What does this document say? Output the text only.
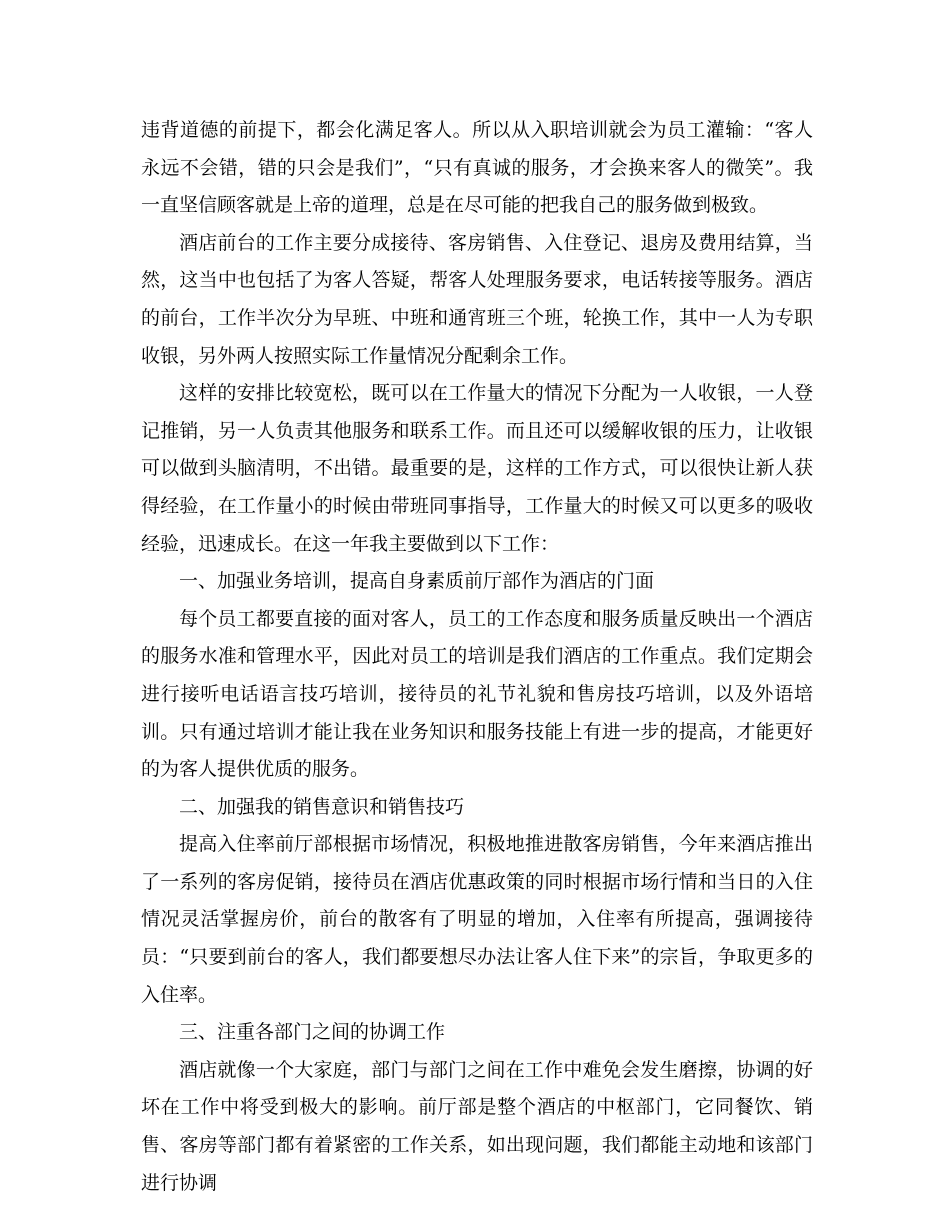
违背道德的前提下，都会化满足客人。所以从入职培训就会为员工灌输：“客人永远不会错，错的只会是我们”，“只有真诚的服务，才会换来客人的微笑”。我一直坚信顾客就是上帝的道理，总是在尽可能的把我自己的服务做到极致。

酒店前台的工作主要分成接待、客房销售、入住登记、退房及费用结算，当然，这当中也包括了为客人答疑，帮客人处理服务要求，电话转接等服务。酒店的前台，工作半次分为早班、中班和通宵班三个班，轮换工作，其中一人为专职收银，另外两人按照实际工作量情况分配剩余工作。

这样的安排比较宽松，既可以在工作量大的情况下分配为一人收银，一人登记推销，另一人负责其他服务和联系工作。而且还可以缓解收银的压力，让收银可以做到头脑清明，不出错。最重要的是，这样的工作方式，可以很快让新人获得经验，在工作量小的时候由带班同事指导，工作量大的时候又可以更多的吸收经验，迅速成长。在这一年我主要做到以下工作：

一、加强业务培训，提高自身素质前厅部作为酒店的门面

每个员工都要直接的面对客人，员工的工作态度和服务质量反映出一个酒店的服务水准和管理水平，因此对员工的培训是我们酒店的工作重点。我们定期会进行接听电话语言技巧培训，接待员的礼节礼貌和售房技巧培训，以及外语培训。只有通过培训才能让我在业务知识和服务技能上有进一步的提高，才能更好的为客人提供优质的服务。

二、加强我的销售意识和销售技巧

提高入住率前厅部根据市场情况，积极地推进散客房销售，今年来酒店推出了一系列的客房促销，接待员在酒店优惠政策的同时根据市场行情和当日的入住情况灵活掌握房价，前台的散客有了明显的增加，入住率有所提高，强调接待员：“只要到前台的客人，我们都要想尽办法让客人住下来”的宗旨，争取更多的入住率。

三、注重各部门之间的协调工作

酒店就像一个大家庭，部门与部门之间在工作中难免会发生磨擦，协调的好坏在工作中将受到极大的影响。前厅部是整个酒店的中枢部门，它同餐饮、销售、客房等部门都有着紧密的工作关系，如出现问题，我们都能主动地和该部门进行协调
